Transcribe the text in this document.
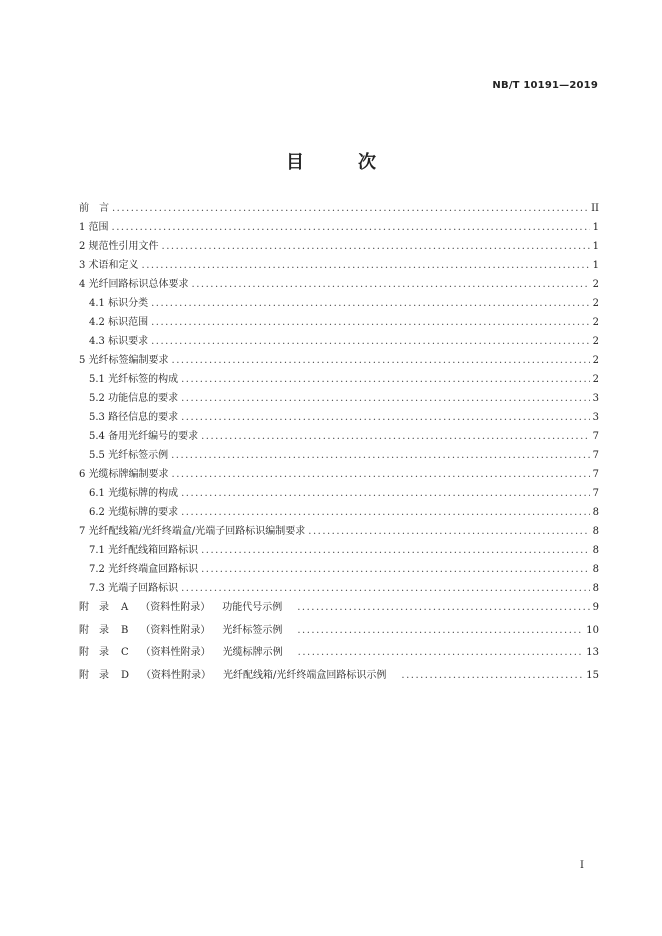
NB/T 10191—2019
目　次
前　言 .....	II
1 范围 .....	1
2 规范性引用文件 .....	1
3 术语和定义 .....	1
4 光纤回路标识总体要求 .....	2
4.1 标识分类 .....	2
4.2 标识范围 .....	2
4.3 标识要求 .....	2
5 光纤标签编制要求 .....	2
5.1 光纤标签的构成 .....	2
5.2 功能信息的要求 .....	3
5.3 路径信息的要求 .....	3
5.4 备用光纤编号的要求 .....	7
5.5 光纤标签示例 .....	7
6 光缆标牌编制要求 .....	7
6.1 光缆标牌的构成 .....	7
6.2 光缆标牌的要求 .....	8
7 光纤配线箱/光纤终端盒/光端子回路标识编制要求 .....	8
7.1 光纤配线箱回路标识 .....	8
7.2 光纤终端盒回路标识 .....	8
7.3 光端子回路标识 .....	8
附　录 A （资料性附录） 功能代号示例 .....	9
附　录 B （资料性附录） 光纤标签示例 .....	10
附　录 C （资料性附录） 光缆标牌示例 .....	13
附　录 D （资料性附录） 光纤配线箱/光纤终端盒回路标识示例 .....	15
I
